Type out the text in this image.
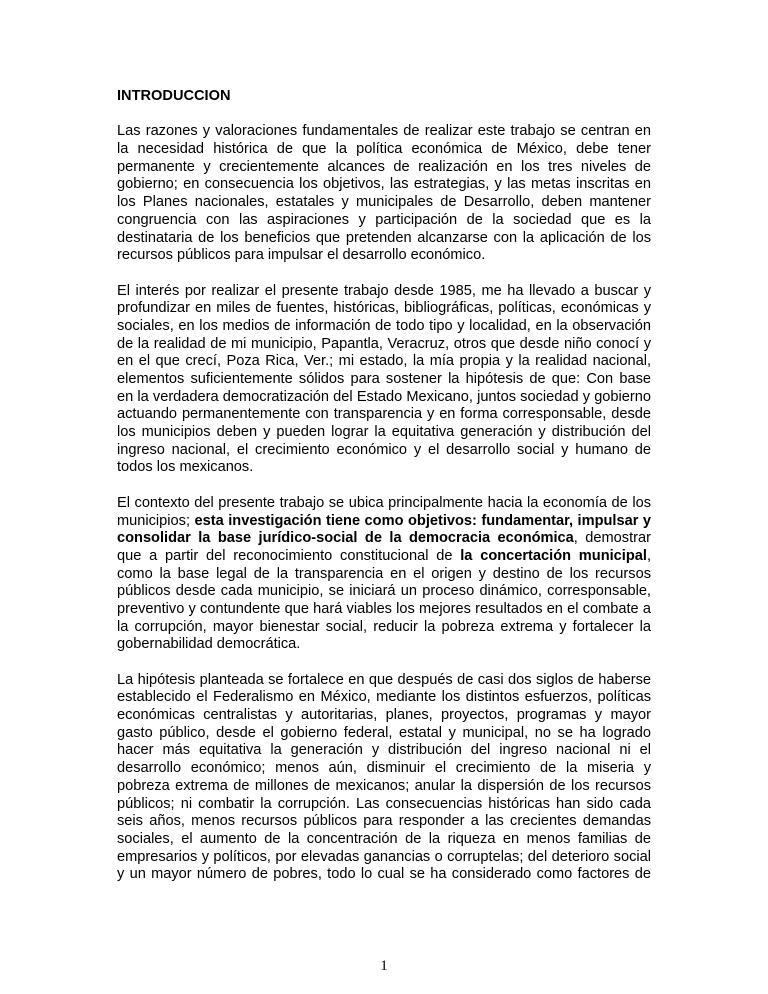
INTRODUCCION
Las razones y valoraciones fundamentales de realizar este trabajo se centran en
la necesidad histórica de que la política económica de México, debe tener
permanente y crecientemente alcances de realización en los tres niveles de
gobierno; en consecuencia los objetivos, las estrategias, y las metas inscritas en
los Planes nacionales, estatales y municipales de Desarrollo, deben mantener
congruencia con las aspiraciones y participación de la sociedad que es la
destinataria de los beneficios que pretenden alcanzarse con la aplicación de los
recursos públicos para impulsar el desarrollo económico.
El interés por realizar el presente trabajo desde 1985, me ha llevado a buscar y
profundizar en miles de fuentes, históricas, bibliográficas, políticas, económicas y
sociales, en los medios de información de todo tipo y localidad, en la observación
de la realidad de mi municipio, Papantla, Veracruz, otros que desde niño conocí y
en el que crecí, Poza Rica, Ver.; mi estado, la mía propia y la realidad nacional,
elementos suficientemente sólidos para sostener la hipótesis de que: Con base
en la verdadera democratización del Estado Mexicano, juntos sociedad y gobierno
actuando permanentemente con transparencia y en forma corresponsable, desde
los municipios deben y pueden lograr la equitativa generación y distribución del
ingreso nacional, el crecimiento económico y el desarrollo social y humano de
todos los mexicanos.
El contexto del presente trabajo se ubica principalmente hacia la economía de los
municipios; esta investigación tiene como objetivos: fundamentar, impulsar y
consolidar la base jurídico-social de la democracia económica, demostrar
que a partir del reconocimiento constitucional de la concertación municipal,
como la base legal de la transparencia en el origen y destino de los recursos
públicos desde cada municipio, se iniciará un proceso dinámico, corresponsable,
preventivo y contundente que hará viables los mejores resultados en el combate a
la corrupción, mayor bienestar social, reducir la pobreza extrema y fortalecer la
gobernabilidad democrática.
La hipótesis planteada se fortalece en que después de casi dos siglos de haberse
establecido el Federalismo en México, mediante los distintos esfuerzos, políticas
económicas centralistas y autoritarias, planes, proyectos, programas y mayor
gasto público, desde el gobierno federal, estatal y municipal, no se ha logrado
hacer más equitativa la generación y distribución del ingreso nacional ni el
desarrollo económico; menos aún, disminuir el crecimiento de la miseria y
pobreza extrema de millones de mexicanos; anular la dispersión de los recursos
públicos; ni combatir la corrupción. Las consecuencias históricas han sido cada
seis años, menos recursos públicos para responder a las crecientes demandas
sociales, el aumento de la concentración de la riqueza en menos familias de
empresarios y políticos, por elevadas ganancias o corruptelas; del deterioro social
y un mayor número de pobres, todo lo cual se ha considerado como factores de
1
